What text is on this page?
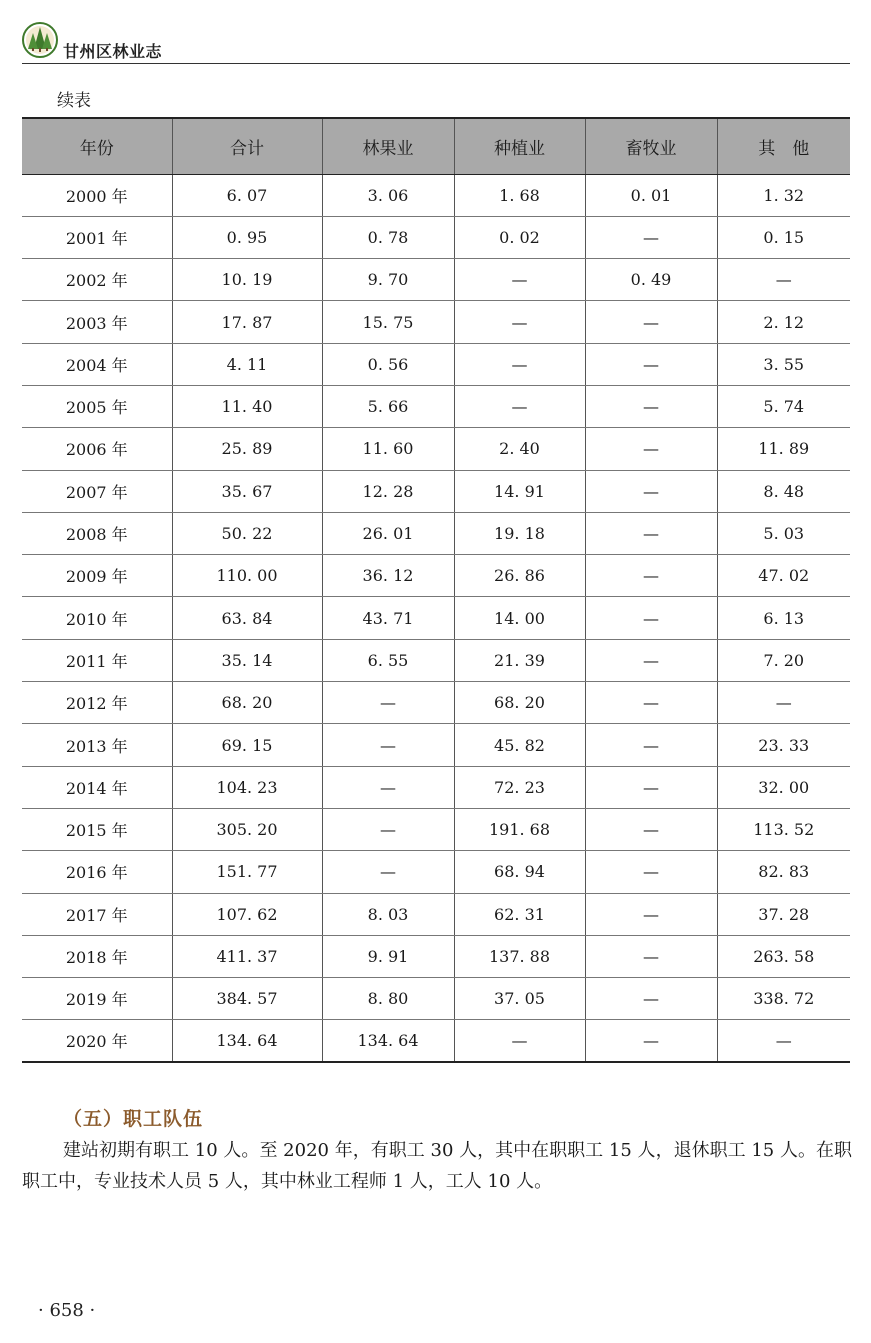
甘州区林业志
续表
年份	合计	林果业	种植业	畜牧业	其　他
2000 年	6. 07	3. 06	1. 68	0. 01	1. 32
2001 年	0. 95	0. 78	0. 02	—	0. 15
2002 年	10. 19	9. 70	—	0. 49	—
2003 年	17. 87	15. 75	—	—	2. 12
2004 年	4. 11	0. 56	—	—	3. 55
2005 年	11. 40	5. 66	—	—	5. 74
2006 年	25. 89	11. 60	2. 40	—	11. 89
2007 年	35. 67	12. 28	14. 91	—	8. 48
2008 年	50. 22	26. 01	19. 18	—	5. 03
2009 年	110. 00	36. 12	26. 86	—	47. 02
2010 年	63. 84	43. 71	14. 00	—	6. 13
2011 年	35. 14	6. 55	21. 39	—	7. 20
2012 年	68. 20	—	68. 20	—	—
2013 年	69. 15	—	45. 82	—	23. 33
2014 年	104. 23	—	72. 23	—	32. 00
2015 年	305. 20	—	191. 68	—	113. 52
2016 年	151. 77	—	68. 94	—	82. 83
2017 年	107. 62	8. 03	62. 31	—	37. 28
2018 年	411. 37	9. 91	137. 88	—	263. 58
2019 年	384. 57	8. 80	37. 05	—	338. 72
2020 年	134. 64	134. 64	—	—	—
（五）职工队伍
建站初期有职工 10 人。至 2020 年，有职工 30 人，其中在职职工 15 人，退休职工 15 人。在职职工中，专业技术人员 5 人，其中林业工程师 1 人，工人 10 人。
· 658 ·
